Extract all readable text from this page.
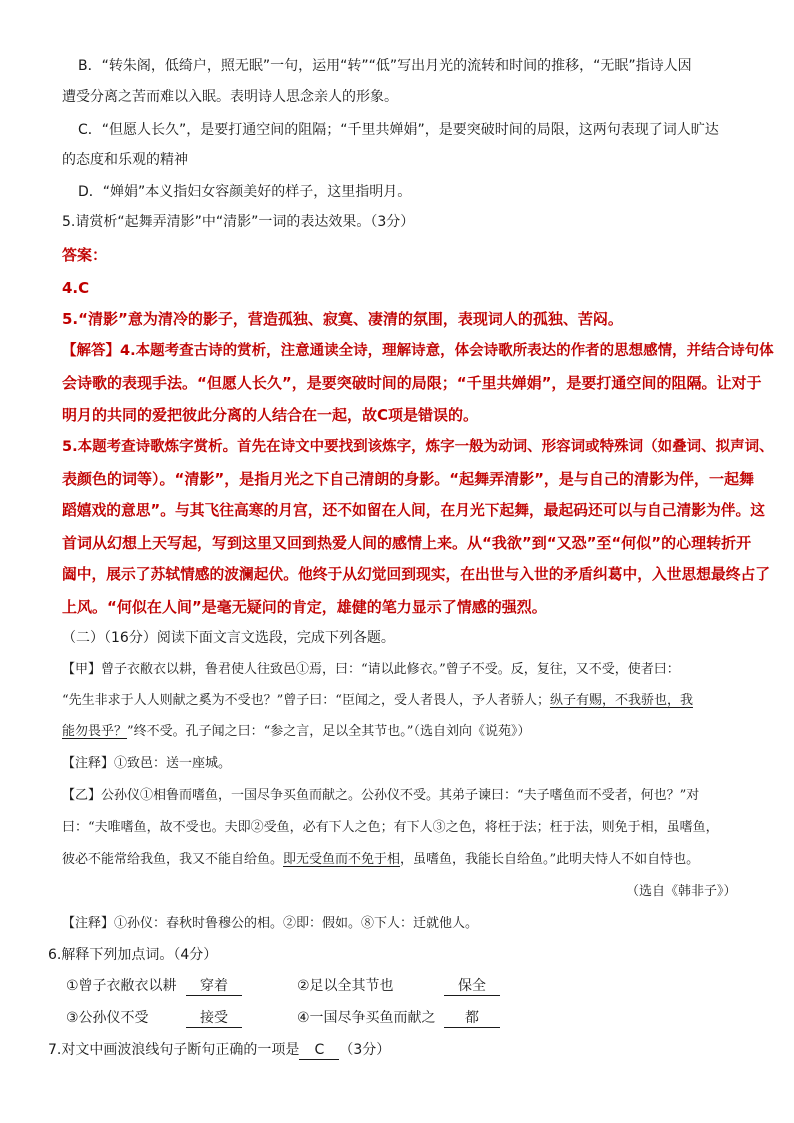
B．“转朱阁，低绮户，照无眠”一句，运用“转”“低”写出月光的流转和时间的推移，“无眠”指诗人因
遭受分离之苦而难以入眠。表明诗人思念亲人的形象。
C．“但愿人长久”，是要打通空间的阻隔；“千里共婵娟”，是要突破时间的局限，这两句表现了词人旷达
的态度和乐观的精神
D．“婵娟”本义指妇女容颜美好的样子，这里指明月。
5.请赏析“起舞弄清影”中“清影”一词的表达效果。（3分）
答案：
4.C
5.“清影”意为清冷的影子，营造孤独、寂寞、凄清的氛围，表现词人的孤独、苦闷。
【解答】4.本题考查古诗的赏析，注意通读全诗，理解诗意，体会诗歌所表达的作者的思想感情，并结合诗句体
会诗歌的表现手法。“但愿人长久”，是要突破时间的局限；“千里共婵娟”，是要打通空间的阻隔。让对于
明月的共同的爱把彼此分离的人结合在一起，故C项是错误的。
5.本题考查诗歌炼字赏析。首先在诗文中要找到该炼字，炼字一般为动词、形容词或特殊词（如叠词、拟声词、
表颜色的词等）。“清影”，是指月光之下自己清朗的身影。“起舞弄清影”，是与自己的清影为伴，一起舞
蹈嬉戏的意思”。与其飞往高寒的月宫，还不如留在人间，在月光下起舞，最起码还可以与自己清影为伴。这
首词从幻想上天写起，写到这里又回到热爱人间的感情上来。从“我欲”到“又恐”至“何似”的心理转折开
阖中，展示了苏轼情感的波澜起伏。他终于从幻觉回到现实，在出世与入世的矛盾纠葛中，入世思想最终占了
上风。“何似在人间”是毫无疑问的肯定，雄健的笔力显示了情感的强烈。
（二）（16分）阅读下面文言文选段，完成下列各题。
【甲】曾子衣敝衣以耕，鲁君使人往致邑①焉，曰：“请以此修衣。”曾子不受。反，复往，又不受，使者曰：
“先生非求于人人则献之奚为不受也？”曾子曰：“臣闻之，受人者畏人，予人者骄人；纵子有赐，不我骄也，我
能勿畏乎？”终不受。孔子闻之曰：“参之言，足以全其节也。”（选自刘向《说苑》）
【注释】①致邑：送一座城。
【乙】公孙仪①相鲁而嗜鱼，一国尽争买鱼而献之。公孙仪不受。其弟子谏曰：“夫子嗜鱼而不受者，何也？”对
曰：“夫唯嗜鱼，故不受也。夫即②受鱼，必有下人之色；有下人③之色，将枉于法；枉于法，则免于相，虽嗜鱼，
彼必不能常给我鱼，我又不能自给鱼。即无受鱼而不免于相，虽嗜鱼，我能长自给鱼。”此明夫恃人不如自恃也。
（选自《韩非子》）
【注释】①孙仪：春秋时鲁穆公的相。②即：假如。⑧下人：迁就他人。
6.解释下列加点词。（4分）
①曾子衣敝衣以耕	穿着	②足以全其节也	保全
③公孙仪不受	接受	④一国尽争买鱼而献之	都
7.对文中画波浪线句子断句正确的一项是 C （3分）
